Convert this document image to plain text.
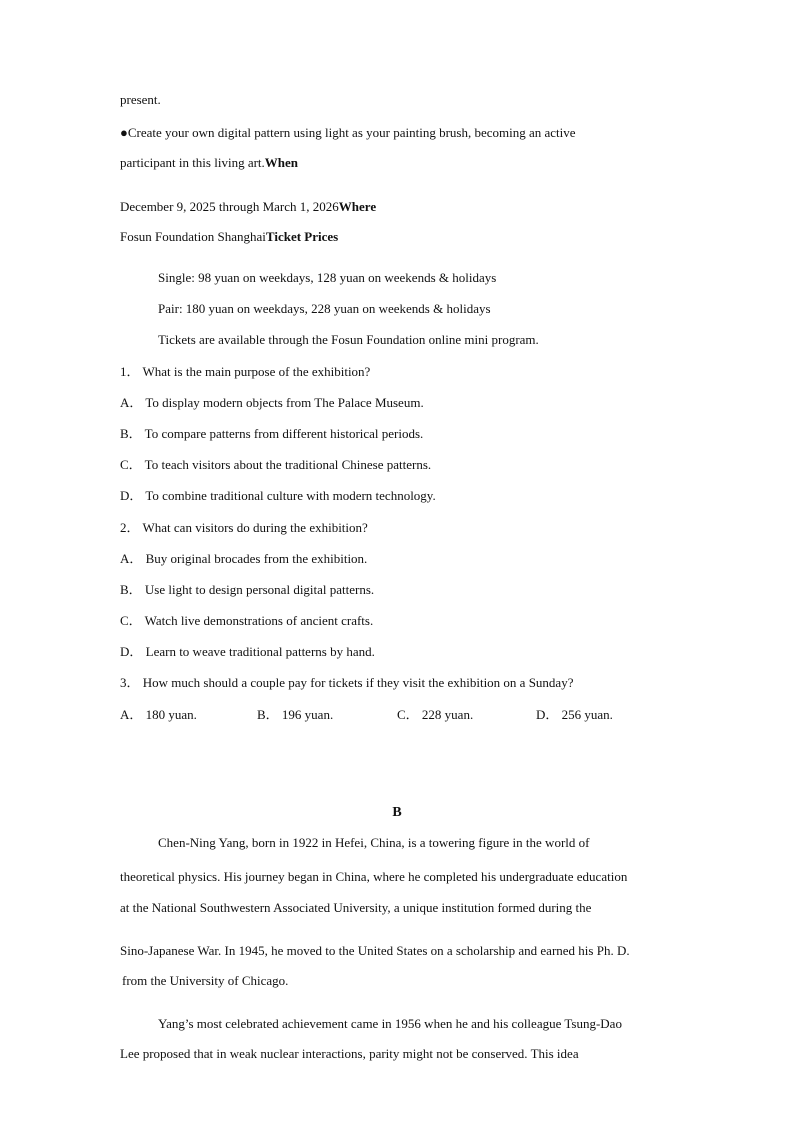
present.
●Create your own digital pattern using light as your painting brush, becoming an active
participant in this living art.When
December 9, 2025 through March 1, 2026Where
Fosun Foundation ShanghaiTicket Prices
Single: 98 yuan on weekdays, 128 yuan on weekends & holidays
Pair: 180 yuan on weekdays, 228 yuan on weekends & holidays
Tickets are available through the Fosun Foundation online mini program.
1． What is the main purpose of the exhibition?
A． To display modern objects from The Palace Museum.
B． To compare patterns from different historical periods.
C． To teach visitors about the traditional Chinese patterns.
D． To combine traditional culture with modern technology.
2． What can visitors do during the exhibition?
A． Buy original brocades from the exhibition.
B． Use light to design personal digital patterns.
C． Watch live demonstrations of ancient crafts.
D． Learn to weave traditional patterns by hand.
3． How much should a couple pay for tickets if they visit the exhibition on a Sunday?
A． 180 yuan.	B． 196 yuan.	C． 228 yuan.	D． 256 yuan.
B
Chen-Ning Yang, born in 1922 in Hefei, China, is a towering figure in the world of
theoretical physics. His journey began in China, where he completed his undergraduate education
at the National Southwestern Associated University, a unique institution formed during the
Sino-Japanese War. In 1945, he moved to the United States on a scholarship and earned his Ph. D.
from the University of Chicago.
Yang’s most celebrated achievement came in 1956 when he and his colleague Tsung-Dao
Lee proposed that in weak nuclear interactions, parity might not be conserved. This idea
